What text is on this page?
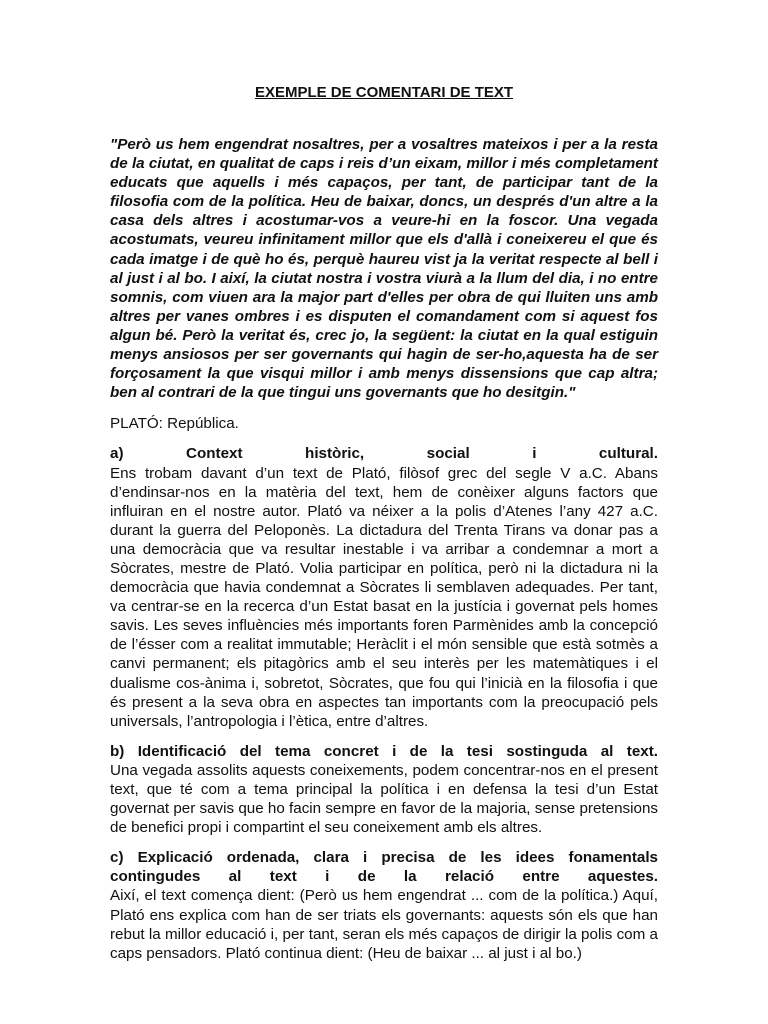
EXEMPLE DE COMENTARI DE TEXT

"Però us hem engendrat nosaltres, per a vosaltres mateixos i per a la resta de la ciutat, en qualitat de caps i reis d’un eixam, millor i més completament educats que aquells i més capaços, per tant, de participar tant de la filosofia com de la política. Heu de baixar, doncs, un després d'un altre a la casa dels altres i acostumar-vos a veure-hi en la foscor. Una vegada acostumats, veureu infinitament millor que els d'allà i coneixereu el que és cada imatge i de què ho és, perquè haureu vist ja la veritat respecte al bell i al just i al bo. I així, la ciutat nostra i vostra viurà a la llum del dia, i no entre somnis, com viuen ara la major part d'elles per obra de qui lluiten uns amb altres per vanes ombres i es disputen el comandament com si aquest fos algun bé. Però la veritat és, crec jo, la següent: la ciutat en la qual estiguin menys ansiosos per ser governants qui hagin de ser-ho,aquesta ha de ser forçosament la que visqui millor i amb menys dissensions que cap altra; ben al contrari de la que tingui uns governants que ho desitgin."

PLATÓ: República.

a) Context històric, social i cultural.
Ens trobam davant d’un text de Plató, filòsof grec del segle V a.C. Abans d’endinsar-nos en la matèria del text, hem de conèixer alguns factors que influiran en el nostre autor. Plató va néixer a la polis d’Atenes l’any 427 a.C. durant la guerra del Peloponès. La dictadura del Trenta Tirans va donar pas a una democràcia que va resultar inestable i va arribar a condemnar a mort a Sòcrates, mestre de Plató. Volia participar en política, però ni la dictadura ni la democràcia que havia condemnat a Sòcrates li semblaven adequades. Per tant, va centrar-se en la recerca d’un Estat basat en la justícia i governat pels homes savis. Les seves influències més importants foren Parmènides amb la concepció de l’ésser com a realitat immutable; Heràclit i el món sensible que està sotmès a canvi permanent; els pitagòrics amb el seu interès per les matemàtiques i el dualisme cos-ànima i, sobretot, Sòcrates, que fou qui l’inicià en la filosofia i que és present a la seva obra en aspectes tan importants com la preocupació pels universals, l’antropologia i l’ètica, entre d’altres.
b) Identificació del tema concret i de la tesi sostinguda al text.
Una vegada assolits aquests coneixements, podem concentrar-nos en el present text, que té com a tema principal la política i en defensa la tesi d’un Estat governat per savis que ho facin sempre en favor de la majoria, sense pretensions de benefici propi i compartint el seu coneixement amb els altres.
c) Explicació ordenada, clara i precisa de les idees fonamentals contingudes al text i de la relació entre aquestes.
Així, el text comença dient: (Però us hem engendrat ... com de la política.) Aquí, Plató ens explica com han de ser triats els governants: aquests són els que han rebut la millor educació i, per tant, seran els més capaços de dirigir la polis com a caps pensadors. Plató continua dient: (Heu de baixar ... al just i al bo.)
